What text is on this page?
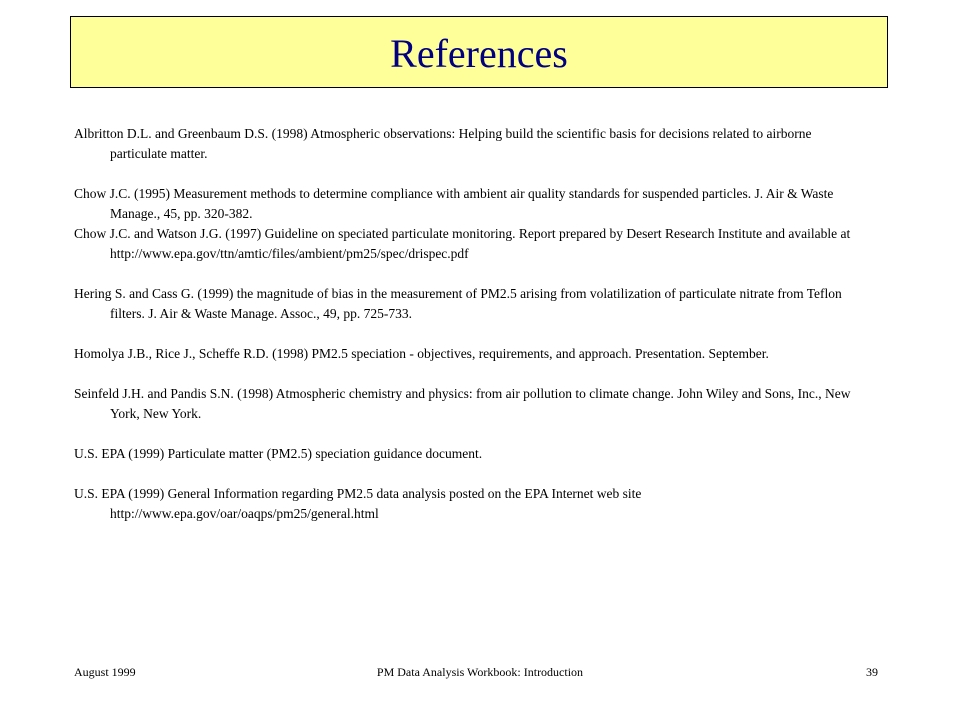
References

Albritton D.L. and Greenbaum D.S. (1998) Atmospheric observations: Helping build the scientific basis for decisions related to airborne particulate matter.

Chow J.C. (1995) Measurement methods to determine compliance with ambient air quality standards for suspended particles. J. Air & Waste Manage., 45, pp. 320-382.

Chow J.C. and Watson J.G. (1997) Guideline on speciated particulate monitoring. Report prepared by Desert Research Institute and available at http://www.epa.gov/ttn/amtic/files/ambient/pm25/spec/drispec.pdf

Hering S. and Cass G. (1999) the magnitude of bias in the measurement of PM2.5 arising from volatilization of particulate nitrate from Teflon filters. J. Air & Waste Manage. Assoc., 49, pp. 725-733.

Homolya J.B., Rice J., Scheffe R.D. (1998) PM2.5 speciation - objectives, requirements, and approach. Presentation. September.

Seinfeld J.H. and Pandis S.N. (1998) Atmospheric chemistry and physics: from air pollution to climate change. John Wiley and Sons, Inc., New York, New York.

U.S. EPA (1999) Particulate matter (PM2.5) speciation guidance document.

U.S. EPA (1999) General Information regarding PM2.5 data analysis posted on the EPA Internet web site http://www.epa.gov/oar/oaqps/pm25/general.html

August 1999	PM Data Analysis Workbook: Introduction	39
